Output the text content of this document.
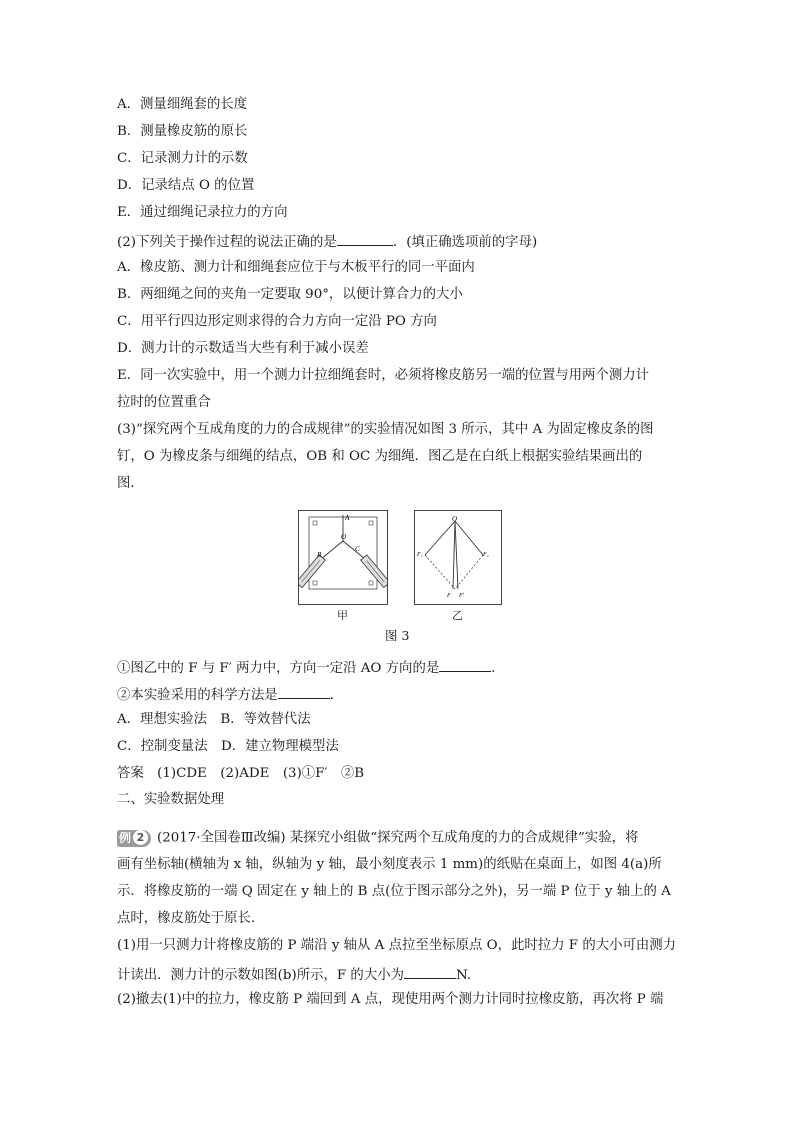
A．测量细绳套的长度
B．测量橡皮筋的原长
C．记录测力计的示数
D．记录结点 O 的位置
E．通过细绳记录拉力的方向
(2)下列关于操作过程的说法正确的是	．(填正确选项前的字母)
A．橡皮筋、测力计和细绳套应位于与木板平行的同一平面内
B．两细绳之间的夹角一定要取 90°，以便计算合力的大小
C．用平行四边形定则求得的合力方向一定沿 PO 方向
D．测力计的示数适当大些有利于减小误差
E．同一次实验中，用一个测力计拉细绳套时，必须将橡皮筋另一端的位置与用两个测力计
拉时的位置重合
(3)“探究两个互成角度的力的合成规律”的实验情况如图 3 所示，其中 A 为固定橡皮条的图
钉，O 为橡皮条与细绳的结点，OB 和 OC 为细绳．图乙是在白纸上根据实验结果画出的
图．
A
O
B
C
甲
O
F₁	F₂
F F′
乙
图 3
①图乙中的 F 与 F′ 两力中，方向一定沿 AO 方向的是	．
②本实验采用的科学方法是	．
A．理想实验法　B．等效替代法
C．控制变量法　D．建立物理模型法
答案　(1)CDE　(2)ADE　(3)①F′　②B
二、实验数据处理
例 2 (2017·全国卷Ⅲ改编) 某探究小组做“探究两个互成角度的力的合成规律”实验，将
画有坐标轴(横轴为 x 轴，纵轴为 y 轴，最小刻度表示 1 mm)的纸贴在桌面上，如图 4(a)所
示．将橡皮筋的一端 Q 固定在 y 轴上的 B 点(位于图示部分之外)，另一端 P 位于 y 轴上的 A
点时，橡皮筋处于原长．
(1)用一只测力计将橡皮筋的 P 端沿 y 轴从 A 点拉至坐标原点 O，此时拉力 F 的大小可由测力
计读出．测力计的示数如图(b)所示，F 的大小为	N.
(2)撤去(1)中的拉力，橡皮筋 P 端回到 A 点，现使用两个测力计同时拉橡皮筋，再次将 P 端
